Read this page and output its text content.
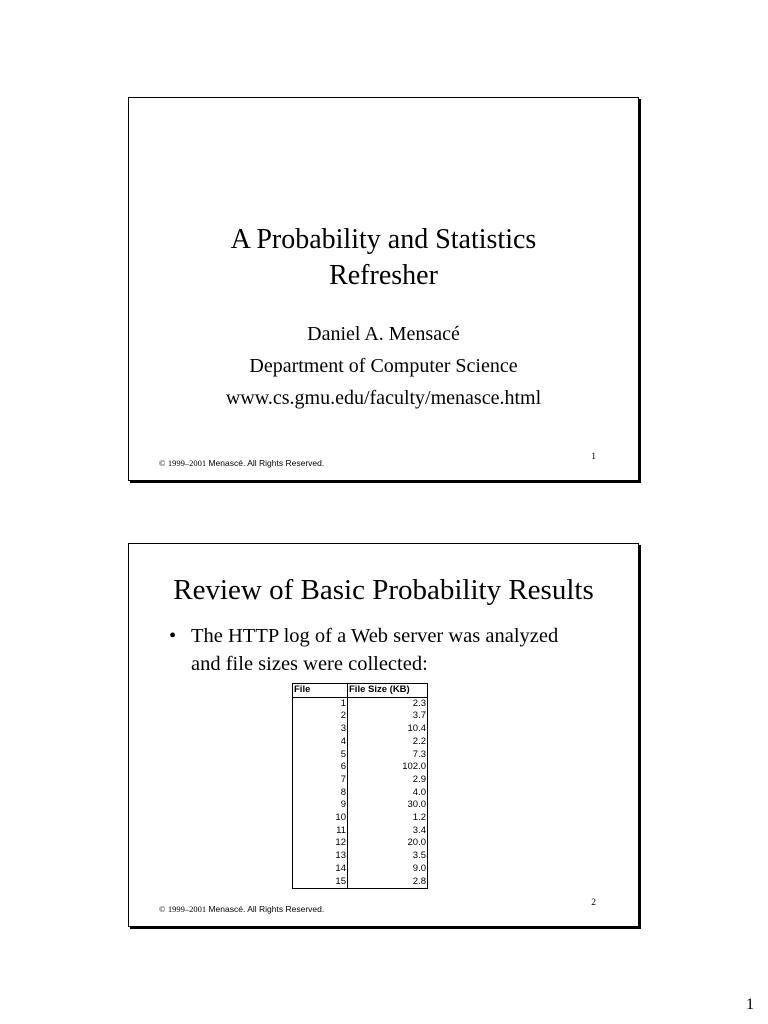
A Probability and Statistics
Refresher
Daniel A. Mensacé
Department of Computer Science
www.cs.gmu.edu/faculty/menasce.html
© 1999–2001 Menascé. All Rights Reserved.
1
Review of Basic Probability Results
• The HTTP log of a Web server was analyzed and file sizes were collected:
File	File Size (KB)
1	2.3
2	3.7
3	10.4
4	2.2
5	7.3
6	102.0
7	2.9
8	4.0
9	30.0
10	1.2
11	3.4
12	20.0
13	3.5
14	9.0
15	2.8
© 1999–2001 Menascé. All Rights Reserved.
2
1
